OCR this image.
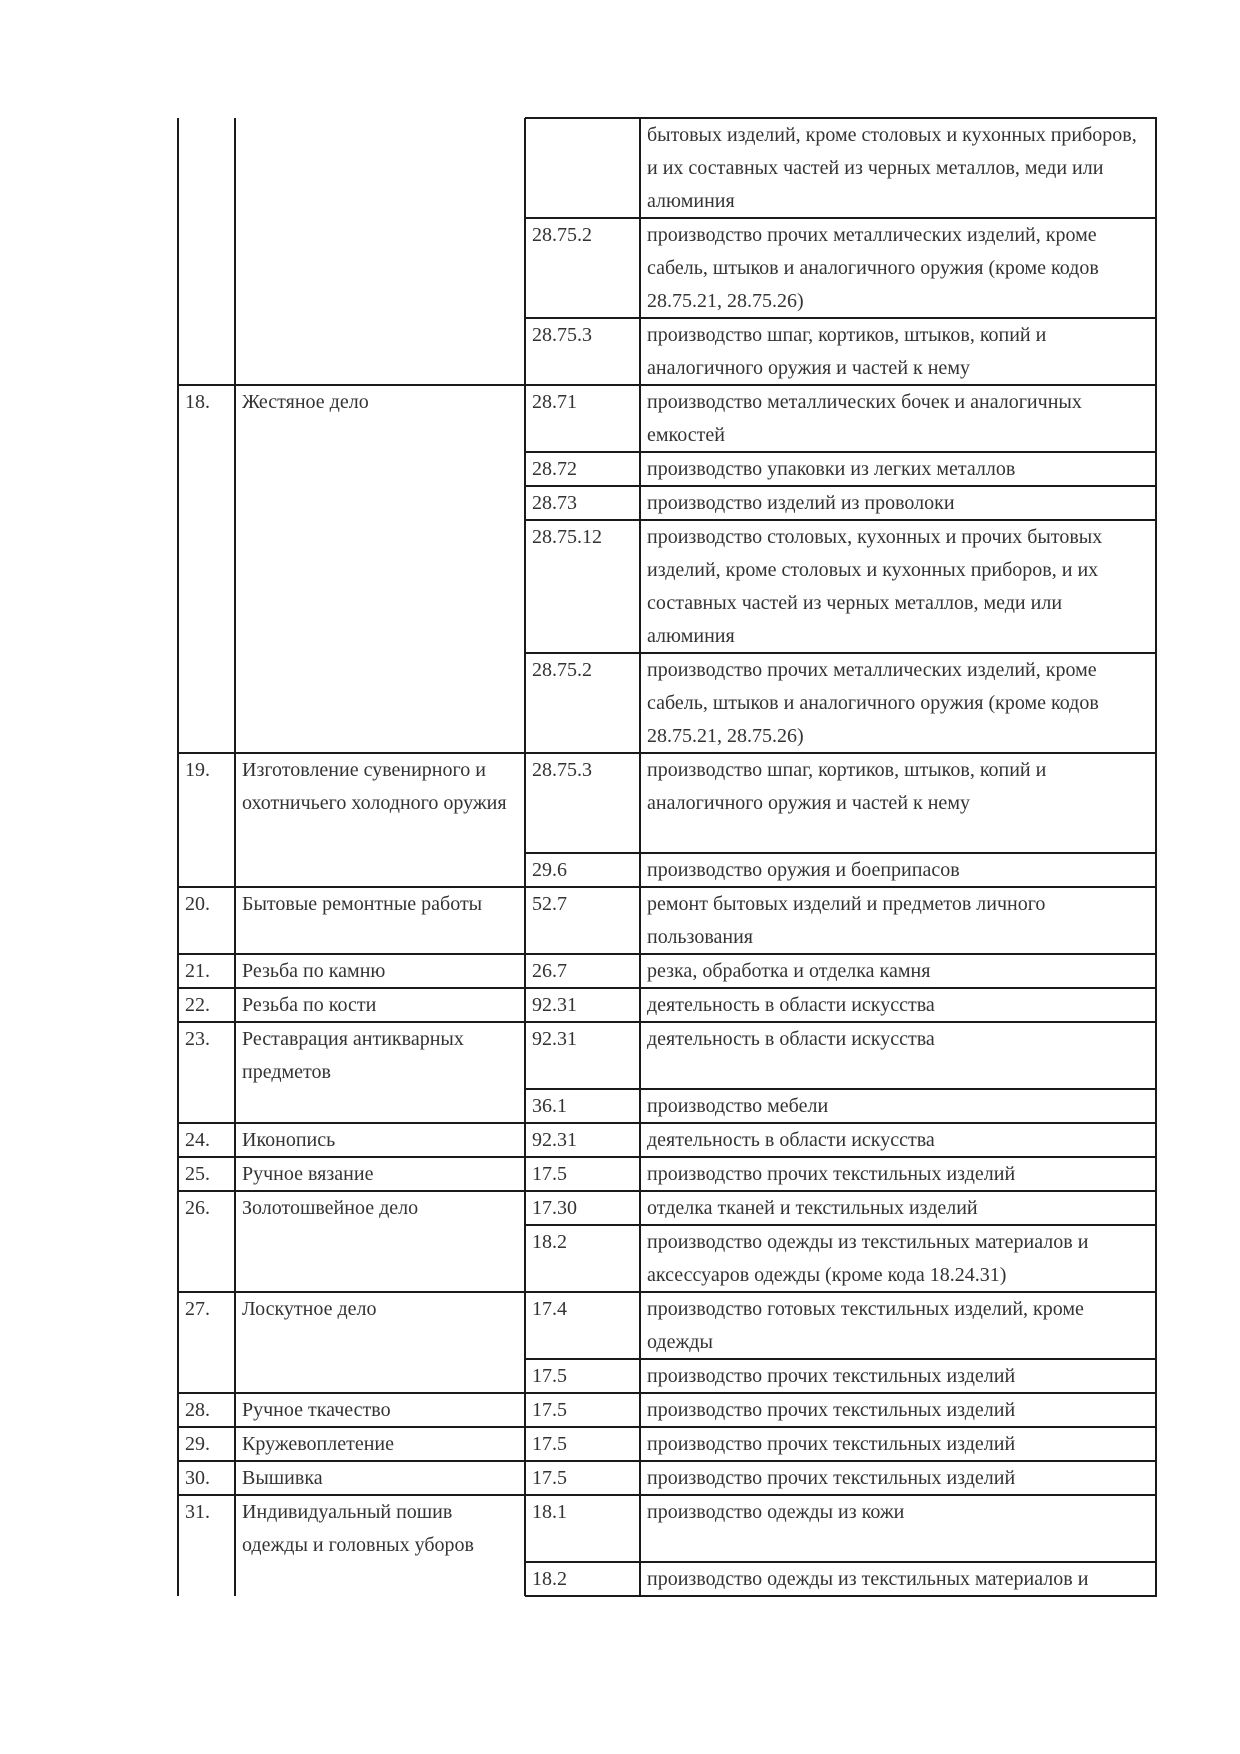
бытовых изделий, кроме столовых и кухонных приборов, и их составных частей из черных металлов, меди или алюминия
28.75.2	производство прочих металлических изделий, кроме сабель, штыков и аналогичного оружия (кроме кодов 28.75.21, 28.75.26)
28.75.3	производство шпаг, кортиков, штыков, копий и аналогичного оружия и частей к нему
18.	Жестяное дело	28.71	производство металлических бочек и аналогичных емкостей
28.72	производство упаковки из легких металлов
28.73	производство изделий из проволоки
28.75.12	производство столовых, кухонных и прочих бытовых изделий, кроме столовых и кухонных приборов, и их составных частей из черных металлов, меди или алюминия
28.75.2	производство прочих металлических изделий, кроме сабель, штыков и аналогичного оружия (кроме кодов 28.75.21, 28.75.26)
19.	Изготовление сувенирного и охотничьего холодного оружия
28.75.3	производство шпаг, кортиков, штыков, копий и аналогичного оружия и частей к нему
29.6	производство оружия и боеприпасов
20.	Бытовые ремонтные работы	52.7	ремонт бытовых изделий и предметов личного пользования
21.	Резьба по камню	26.7	резка, обработка и отделка камня
22.	Резьба по кости	92.31	деятельность в области искусства
23.	Реставрация антикварных предметов
92.31	деятельность в области искусства
36.1	производство мебели
24.	Иконопись	92.31	деятельность в области искусства
25.	Ручное вязание	17.5	производство прочих текстильных изделий
26.	Золотошвейное дело	17.30	отделка тканей и текстильных изделий
18.2	производство одежды из текстильных материалов и аксессуаров одежды (кроме кода 18.24.31)
27.	Лоскутное дело	17.4	производство готовых текстильных изделий, кроме одежды
17.5	производство прочих текстильных изделий
28.	Ручное ткачество	17.5	производство прочих текстильных изделий
29.	Кружевоплетение	17.5	производство прочих текстильных изделий
30.	Вышивка	17.5	производство прочих текстильных изделий
31.	Индивидуальный пошив одежды и головных уборов
18.1	производство одежды из кожи
18.2	производство одежды из текстильных материалов и
